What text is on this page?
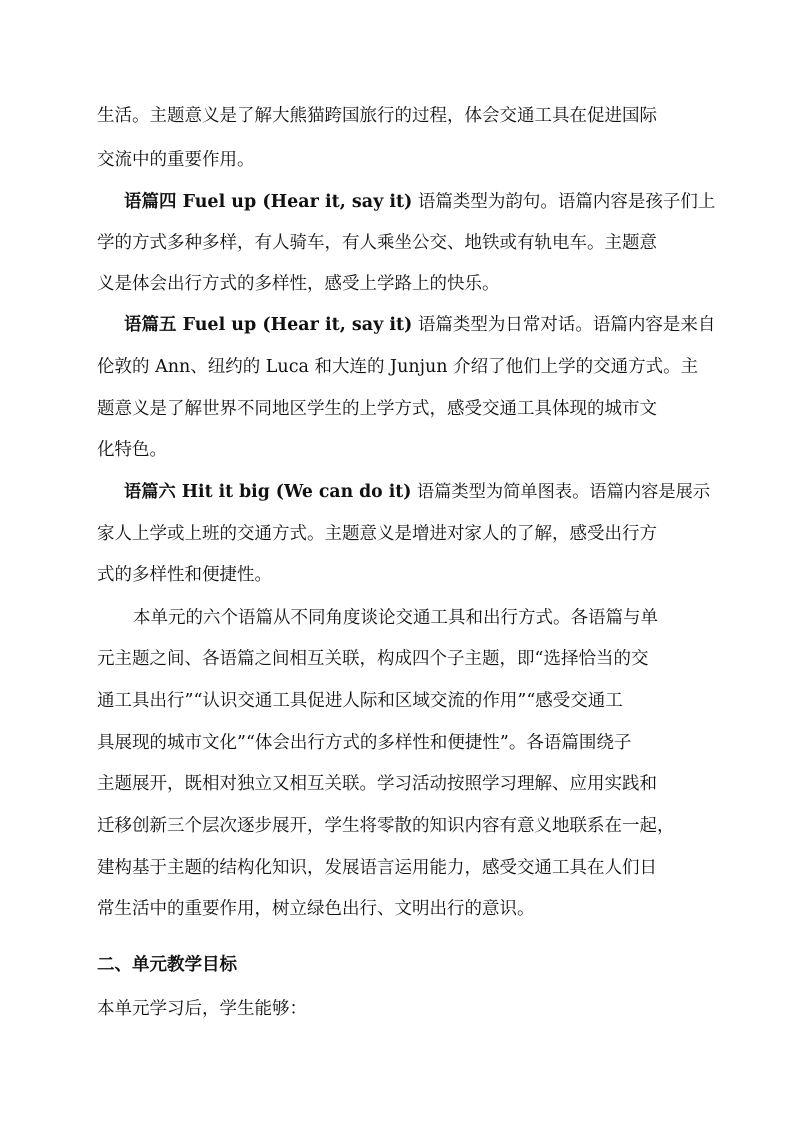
生活。主题意义是了解大熊猫跨国旅行的过程，体会交通工具在促进国际
交流中的重要作用。
语篇四 Fuel up (Hear it, say it) 语篇类型为韵句。语篇内容是孩子们上
学的方式多种多样，有人骑车，有人乘坐公交、地铁或有轨电车。主题意
义是体会出行方式的多样性，感受上学路上的快乐。
语篇五 Fuel up (Hear it, say it) 语篇类型为日常对话。语篇内容是来自
伦敦的 Ann、纽约的 Luca 和大连的 Junjun 介绍了他们上学的交通方式。主
题意义是了解世界不同地区学生的上学方式，感受交通工具体现的城市文
化特色。
语篇六 Hit it big (We can do it) 语篇类型为简单图表。语篇内容是展示
家人上学或上班的交通方式。主题意义是增进对家人的了解，感受出行方
式的多样性和便捷性。
本单元的六个语篇从不同角度谈论交通工具和出行方式。各语篇与单
元主题之间、各语篇之间相互关联，构成四个子主题，即“选择恰当的交
通工具出行”“认识交通工具促进人际和区域交流的作用”“感受交通工
具展现的城市文化”“体会出行方式的多样性和便捷性”。各语篇围绕子
主题展开，既相对独立又相互关联。学习活动按照学习理解、应用实践和
迁移创新三个层次逐步展开，学生将零散的知识内容有意义地联系在一起，
建构基于主题的结构化知识，发展语言运用能力，感受交通工具在人们日
常生活中的重要作用，树立绿色出行、文明出行的意识。
二、单元教学目标
本单元学习后，学生能够：
